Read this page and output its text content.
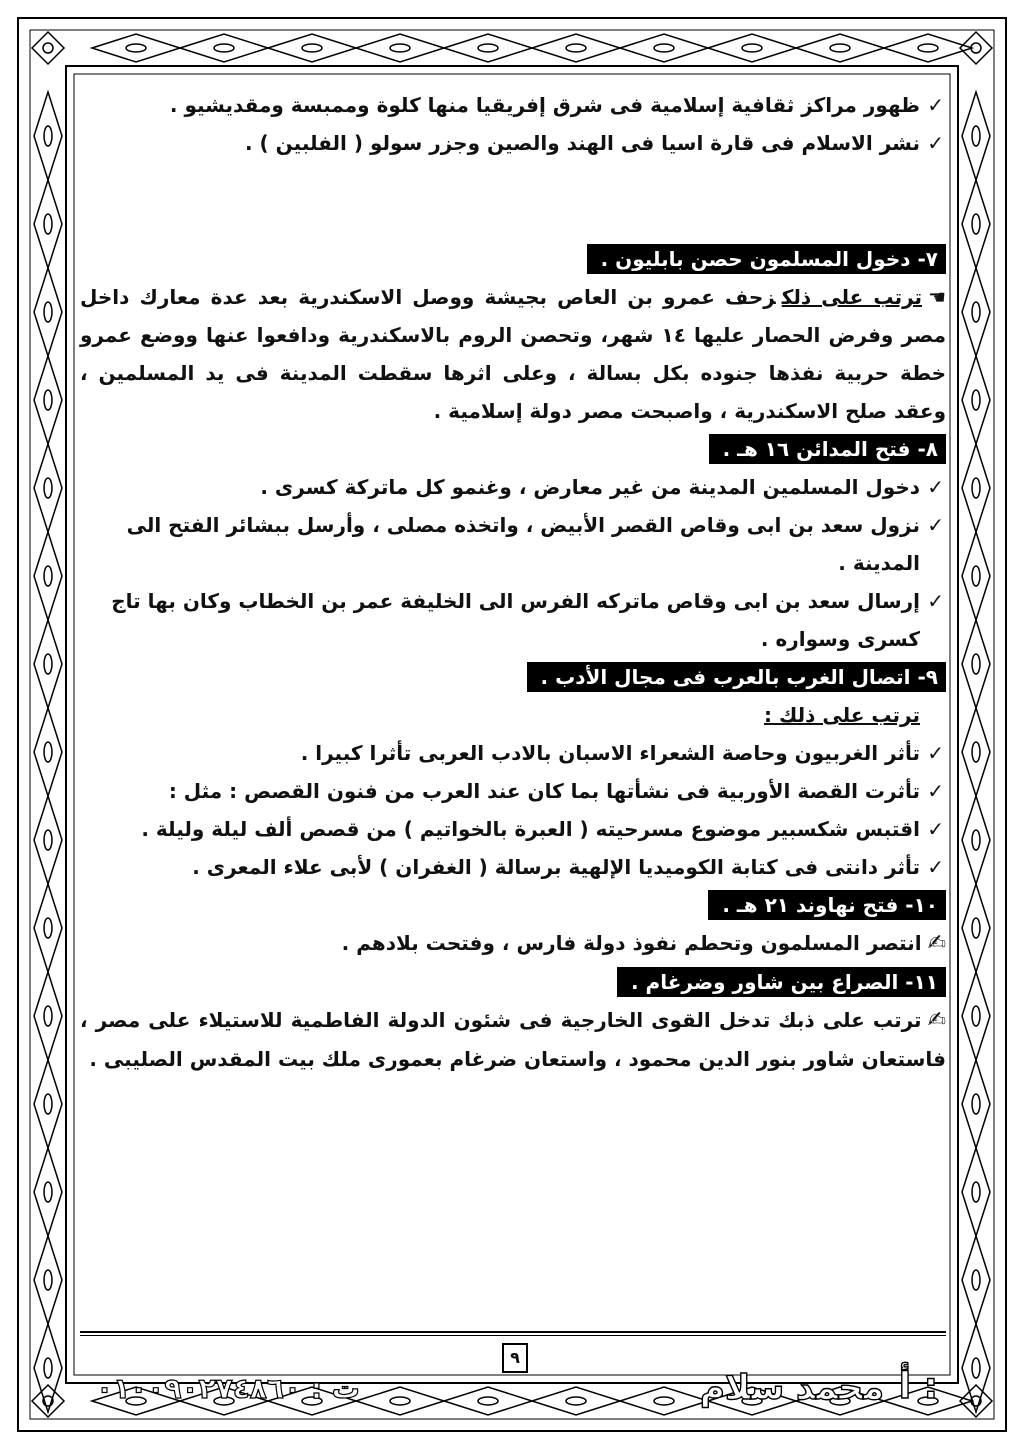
✓ ظهور مراكز ثقافية إسلامية فى شرق إفريقيا منها كلوة وممبسة ومقديشيو .
✓ نشر الاسلام فى قارة اسيا فى الهند والصين وجزر سولو ( الفلبين ) .
٧- دخول المسلمون حصن بابليون .
☚ترتب على ذلكزحف عمرو بن العاص بجيشة ووصل الاسكندرية بعد عدة معارك داخل مصر وفرض الحصار عليها ١٤ شهر، وتحصن الروم بالاسكندرية ودافعوا عنها ووضع عمرو خطة حربية نفذها جنوده بكل بسالة ، وعلى اثرها سقطت المدينة فى يد المسلمين ، وعقد صلح الاسكندرية ، واصبحت مصر دولة إسلامية .
٨- فتح المدائن ١٦ هـ .
✓ دخول المسلمين المدينة من غير معارض ، وغنمو كل ماتركة كسرى .
✓ نزول سعد بن ابى وقاص القصر الأبيض ، واتخذه مصلى ، وأرسل ببشائر الفتح الى المدينة .
✓ إرسال سعد بن ابى وقاص ماتركه الفرس الى الخليفة عمر بن الخطاب وكان بها تاج كسرى وسواره .
٩- اتصال الغرب بالعرب فى مجال الأدب .
ترتب على ذلك :
✓ تأثر الغربيون وحاصة الشعراء الاسبان بالادب العربى تأثرا كبيرا .
✓ تأثرت القصة الأوربية فى نشأتها بما كان عند العرب من فنون القصص : مثل :
✓ اقتبس شكسبير موضوع مسرحيته ( العبرة بالخواتيم ) من قصص ألف ليلة وليلة .
✓ تأثر دانتى فى كتابة الكوميديا الإلهية برسالة ( الغفران ) لأبى علاء المعرى .
١٠- فتح نهاوند ٢١ هـ .
✍انتصر المسلمون وتحطم نفوذ دولة فارس ، وفتحت بلادهم .
١١- الصراع بين شاور وضرغام .
✍ترتب على ذبك تدخل القوى الخارجية فى شئون الدولة الفاطمية للاستيلاء على مصر ، فاستعان شاور بنور الدين محمود ، واستعان ضرغام بعمورى ملك بيت المقدس الصليبى .
٩
أ :
محمد سلام
ت : ٠١٠٠٩٠٢٧٤٨٦٠
